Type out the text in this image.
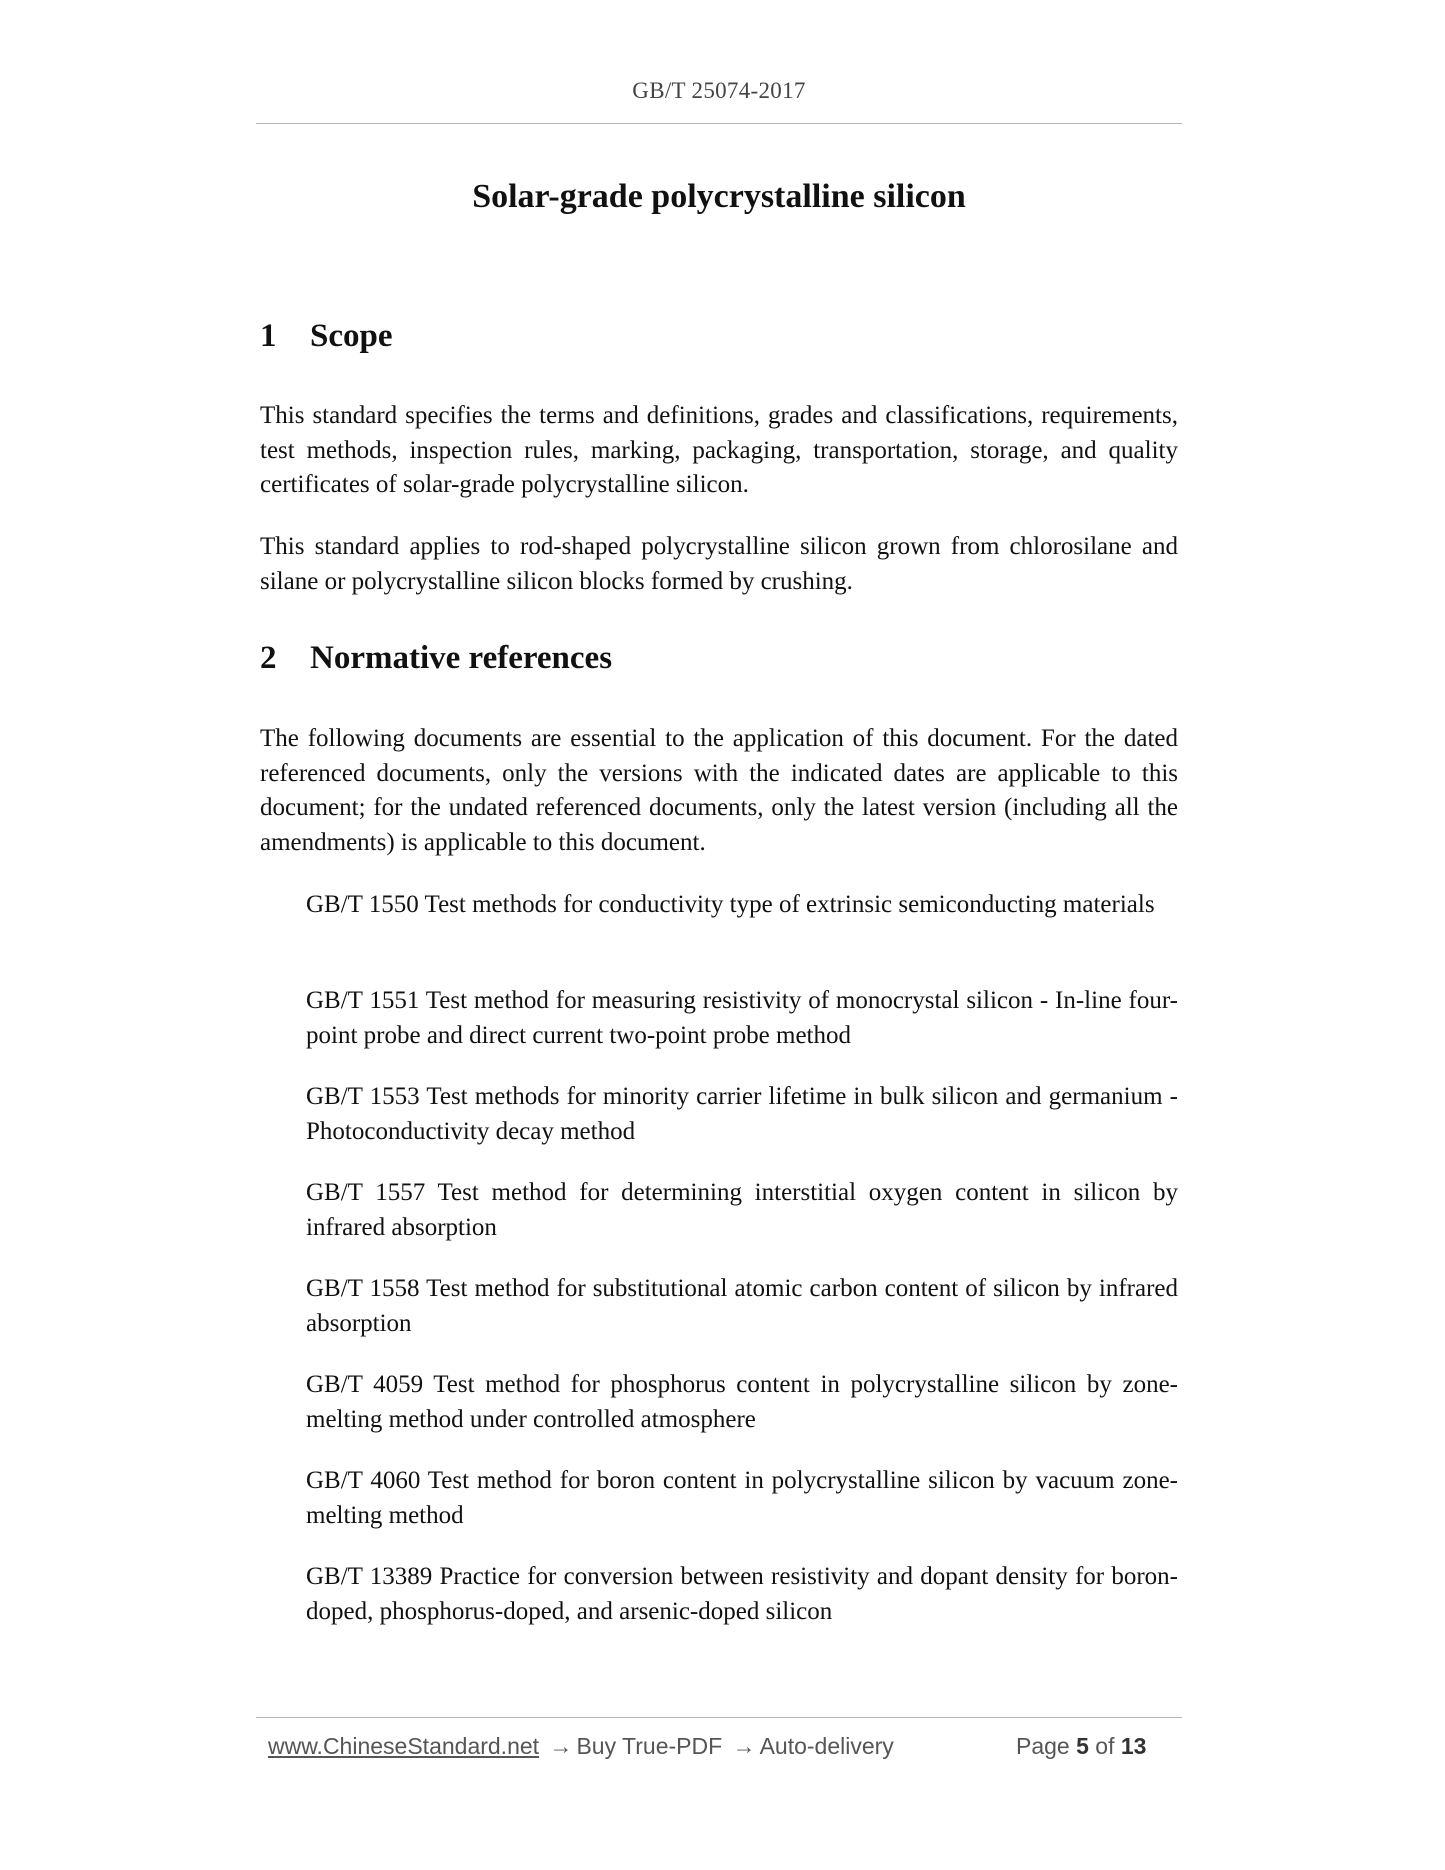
GB/T 25074-2017
Solar-grade polycrystalline silicon
1 Scope

This standard specifies the terms and definitions, grades and classifications, requirements, test methods, inspection rules, marking, packaging, transportation, storage, and quality certificates of solar-grade polycrystalline silicon.

This standard applies to rod-shaped polycrystalline silicon grown from chlorosilane and silane or polycrystalline silicon blocks formed by crushing.

2 Normative references

The following documents are essential to the application of this document. For the dated referenced documents, only the versions with the indicated dates are applicable to this document; for the undated referenced documents, only the latest version (including all the amendments) is applicable to this document.

GB/T 1550 Test methods for conductivity type of extrinsic semiconducting materials

GB/T 1551 Test method for measuring resistivity of monocrystal silicon - In-line four-point probe and direct current two-point probe method

GB/T 1553 Test methods for minority carrier lifetime in bulk silicon and germanium - Photoconductivity decay method

GB/T 1557 Test method for determining interstitial oxygen content in silicon by infrared absorption

GB/T 1558 Test method for substitutional atomic carbon content of silicon by infrared absorption

GB/T 4059 Test method for phosphorus content in polycrystalline silicon by zone-melting method under controlled atmosphere

GB/T 4060 Test method for boron content in polycrystalline silicon by vacuum zone-melting method

GB/T 13389 Practice for conversion between resistivity and dopant density for boron-doped, phosphorus-doped, and arsenic-doped silicon

www.ChineseStandard.net → Buy True-PDF → Auto-delivery	Page 5 of 13
